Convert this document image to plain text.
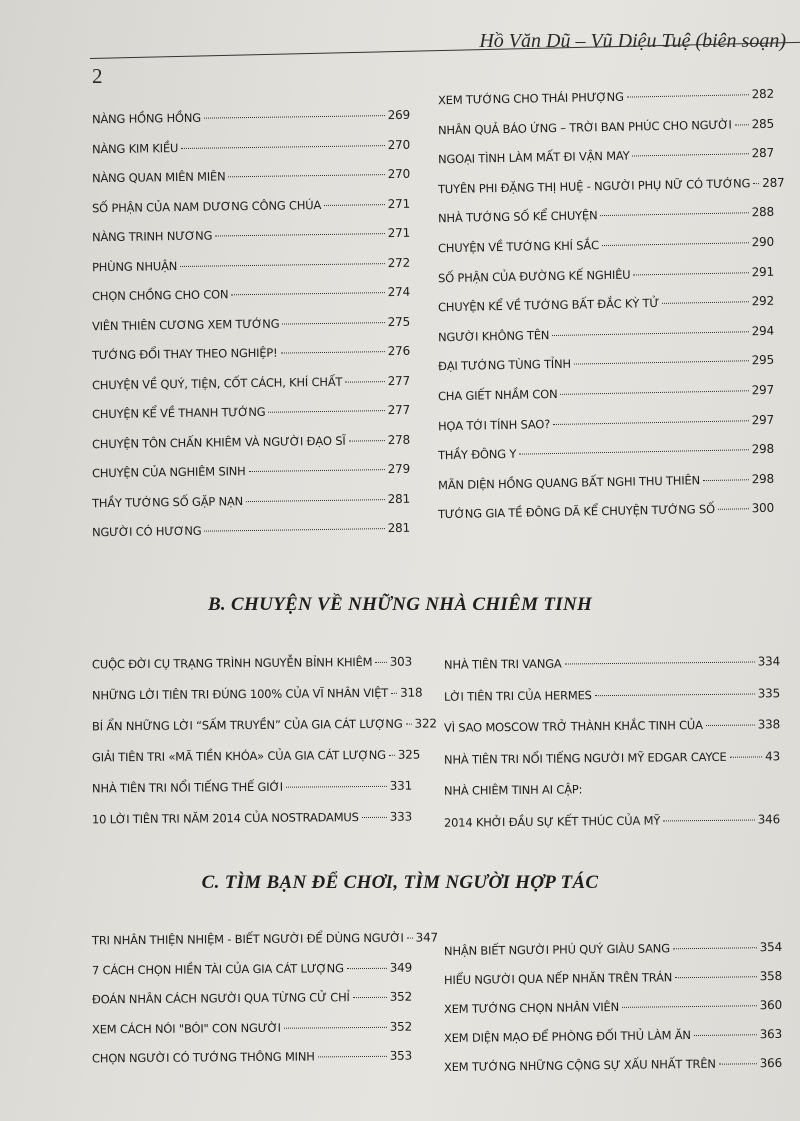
Hồ Văn Dũ – Vũ Diệu Tuệ (biên soạn)
2
NÀNG HỒNG HỒNG	269
NÀNG KIM KIỀU	270
NÀNG QUAN MIÊN MIÊN	270
SỐ PHẬN CỦA NAM DƯƠNG CÔNG CHÚA	271
NÀNG TRINH NƯƠNG	271
PHÙNG NHUẬN	272
CHỌN CHỒNG CHO CON	274
VIÊN THIÊN CƯƠNG XEM TƯỚNG	275
TƯỚNG ĐỔI THAY THEO NGHIỆP!	276
CHUYỆN VỀ QUÝ, TIỆN, CỐT CÁCH, KHÍ CHẤT	277
CHUYỆN KỂ VỀ THANH TƯỚNG	277
CHUYỆN TÔN CHẤN KHIÊM VÀ NGƯỜI ĐẠO SĨ	278
CHUYỆN CỦA NGHIÊM SINH	279
THẦY TƯỚNG SỐ GẶP NẠN	281
NGƯỜI CÓ HƯƠNG	281
XEM TƯỚNG CHO THÁI PHƯỢNG	282
NHÂN QUẢ BÁO ỨNG – TRỜI BAN PHÚC CHO NGƯỜI 285
NGOẠI TÌNH LÀM MẤT ĐI VẬN MAY	287
TUYÊN PHI ĐẶNG THỊ HUỆ - NGƯỜI PHỤ NỮ CÓ TƯỚNG 287
NHÀ TƯỚNG SỐ KỂ CHUYỆN	288
CHUYỆN VỀ TƯỚNG KHÍ SẮC	290
SỐ PHẬN CỦA ĐƯỜNG KẾ NGHIÊU	291
CHUYỆN KỂ VỀ TƯỚNG BẤT ĐẮC KỲ TỬ	292
NGƯỜI KHÔNG TÊN	294
ĐẠI TƯỚNG TÙNG TỈNH	295
CHA GIẾT NHẦM CON	297
HỌA TỚI TÍNH SAO?	297
THẦY ĐÔNG Y	298
MÃN DIỆN HỒNG QUANG BẤT NGHI THU THIÊN	298
TƯỚNG GIA TỀ ĐÔNG DÃ KỂ CHUYỆN TƯỚNG SỐ	300
B. CHUYỆN VỀ NHỮNG NHÀ CHIÊM TINH
CUỘC ĐỜI CỤ TRẠNG TRÌNH NGUYỄN BỈNH KHIÊM 303
NHỮNG LỜI TIÊN TRI ĐÚNG 100% CỦA VĨ NHÂN VIỆT 318
BÍ ẨN NHỮNG LỜI “SẤM TRUYỀN” CỦA GIA CÁT LƯỢNG 322
GIẢI TIÊN TRI «MÃ TIỀN KHÓA» CỦA GIA CÁT LƯỢNG 325
NHÀ TIÊN TRI NỔI TIẾNG THẾ GIỚI	331
10 LỜI TIÊN TRI NĂM 2014 CỦA NOSTRADAMUS	333
NHÀ TIÊN TRI VANGA	334
LỜI TIÊN TRI CỦA HERMES	335
VÌ SAO MOSCOW TRỞ THÀNH KHẮC TINH CỦA	338
NHÀ TIÊN TRI NỔI TIẾNG NGƯỜI MỸ EDGAR CAYCE	43
NHÀ CHIÊM TINH AI CẬP:
2014 KHỞI ĐẦU SỰ KẾT THÚC CỦA MỸ	346
C. TÌM BẠN ĐỂ CHƠI, TÌM NGƯỜI HỢP TÁC
TRI NHÂN THIỆN NHIỆM - BIẾT NGƯỜI ĐỂ DÙNG NGƯỜI 347
7 CÁCH CHỌN HIỀN TÀI CỦA GIA CÁT LƯỢNG	349
ĐOÁN NHÂN CÁCH NGƯỜI QUA TỪNG CỬ CHỈ	352
XEM CÁCH NÓI "BÓI" CON NGƯỜI	352
CHỌN NGƯỜI CÓ TƯỚNG THÔNG MINH	353
NHẬN BIẾT NGƯỜI PHÚ QUÝ GIÀU SANG	354
HIỂU NGƯỜI QUA NẾP NHĂN TRÊN TRÁN	358
XEM TƯỚNG CHỌN NHÂN VIÊN	360
XEM DIỆN MẠO ĐỂ PHÒNG ĐỐI THỦ LÀM ĂN	363
XEM TƯỚNG NHỮNG CỘNG SỰ XẤU NHẤT TRÊN	366
